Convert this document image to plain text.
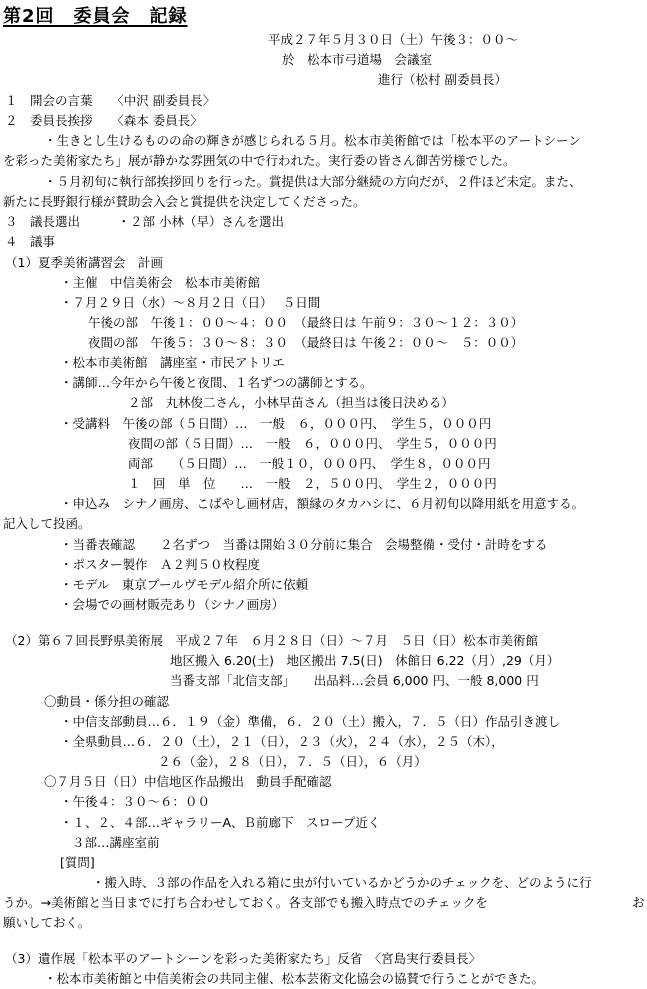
第2回　委員会　記録
平成２７年５月３０日（土）午後３：００～
於　松本市弓道場　会議室
進行（松村 副委員長）
１　開会の言葉　　〈中沢 副委員長〉
２　委員長挨拶　　〈森本 委員長〉
・生きとし生けるものの命の輝きが感じられる５月。松本市美術館では「松本平のアートシーン
を彩った美術家たち」展が静かな雰囲気の中で行われた。実行委の皆さん御苦労様でした。
・５月初旬に執行部挨拶回りを行った。賞提供は大部分継続の方向だが、２件ほど未定。また、
新たに長野銀行様が賛助会入会と賞提供を決定してくださった。
３　議長選出　　　・２部 小林（早）さんを選出
４　議事
（1）夏季美術講習会　計画
・主催　中信美術会　松本市美術館
・７月２９日（水）～８月２日（日）　 ５日間
午後の部　午後１：００～４：００　（最終日は 午前９：３０～１２：３０）
夜間の部　午後５：３０～８：３０　（最終日は 午後２：００～　５：００）
・松本市美術館　講座室・市民アトリエ
・講師…今年から午後と夜間、１名ずつの講師とする。
２部　丸林俊二さん，小林早苗さん（担当は後日決める）
・受講料　午後の部（５日間）…　一般　６，０００円、　学生５，０００円
夜間の部（５日間）…　一般　６，０００円、　学生５，０００円
両部　　（５日間）…　一般１０，０００円、　学生８，０００円
１　回　単　位　　…　一般　２，５００円、　学生２，０００円
・申込み　シナノ画房、こばやし画材店，額縁のタカハシに、６月初旬以降用紙を用意する。
記入して投函。
・当番表確認　　２名ずつ　当番は開始３０分前に集合　会場整備・受付・計時をする
・ポスター製作　Ａ２判５０枚程度
・モデル　東京プールヴモデル紹介所に依頼
・会場での画材販売あり（シナノ画房）
（2）第６７回長野県美術展　平成２７年　６月２８日（日）～７月　５日（日）松本市美術館
地区搬入 6.20(土)　地区搬出 7.5(日)　休館日 6.22（月）,29（月）
当番支部「北信支部」　　出品料…会員 6,000 円、一般 8,000 円
〇動員・係分担の確認
・中信支部動員…６．１９（金）準備，６．２０（土）搬入，７．５（日）作品引き渡し
・全県動員…６．２０（土），２１（日），２３（火），２４（水），２５（木），
２６（金），２８（日），７．５（日），６（月）
〇７月５日（日）中信地区作品搬出　動員手配確認
・午後４：３０～６：００
・１、２、４部…ギャラリーA、Ｂ前廊下　スロープ近く
３部…講座室前
[質問]
・搬入時、３部の作品を入れる箱に虫が付いているかどうかのチェックを、どのように行
うか。→美術館と当日までに打ち合わせしておく。各支部でも搬入時点でのチェックを	お
願いしておく。
（3）遺作展「松本平のアートシーンを彩った美術家たち」反省　〈宮島実行委員長〉
・松本市美術館と中信美術会の共同主催、松本芸術文化協会の協賛で行うことができた。
